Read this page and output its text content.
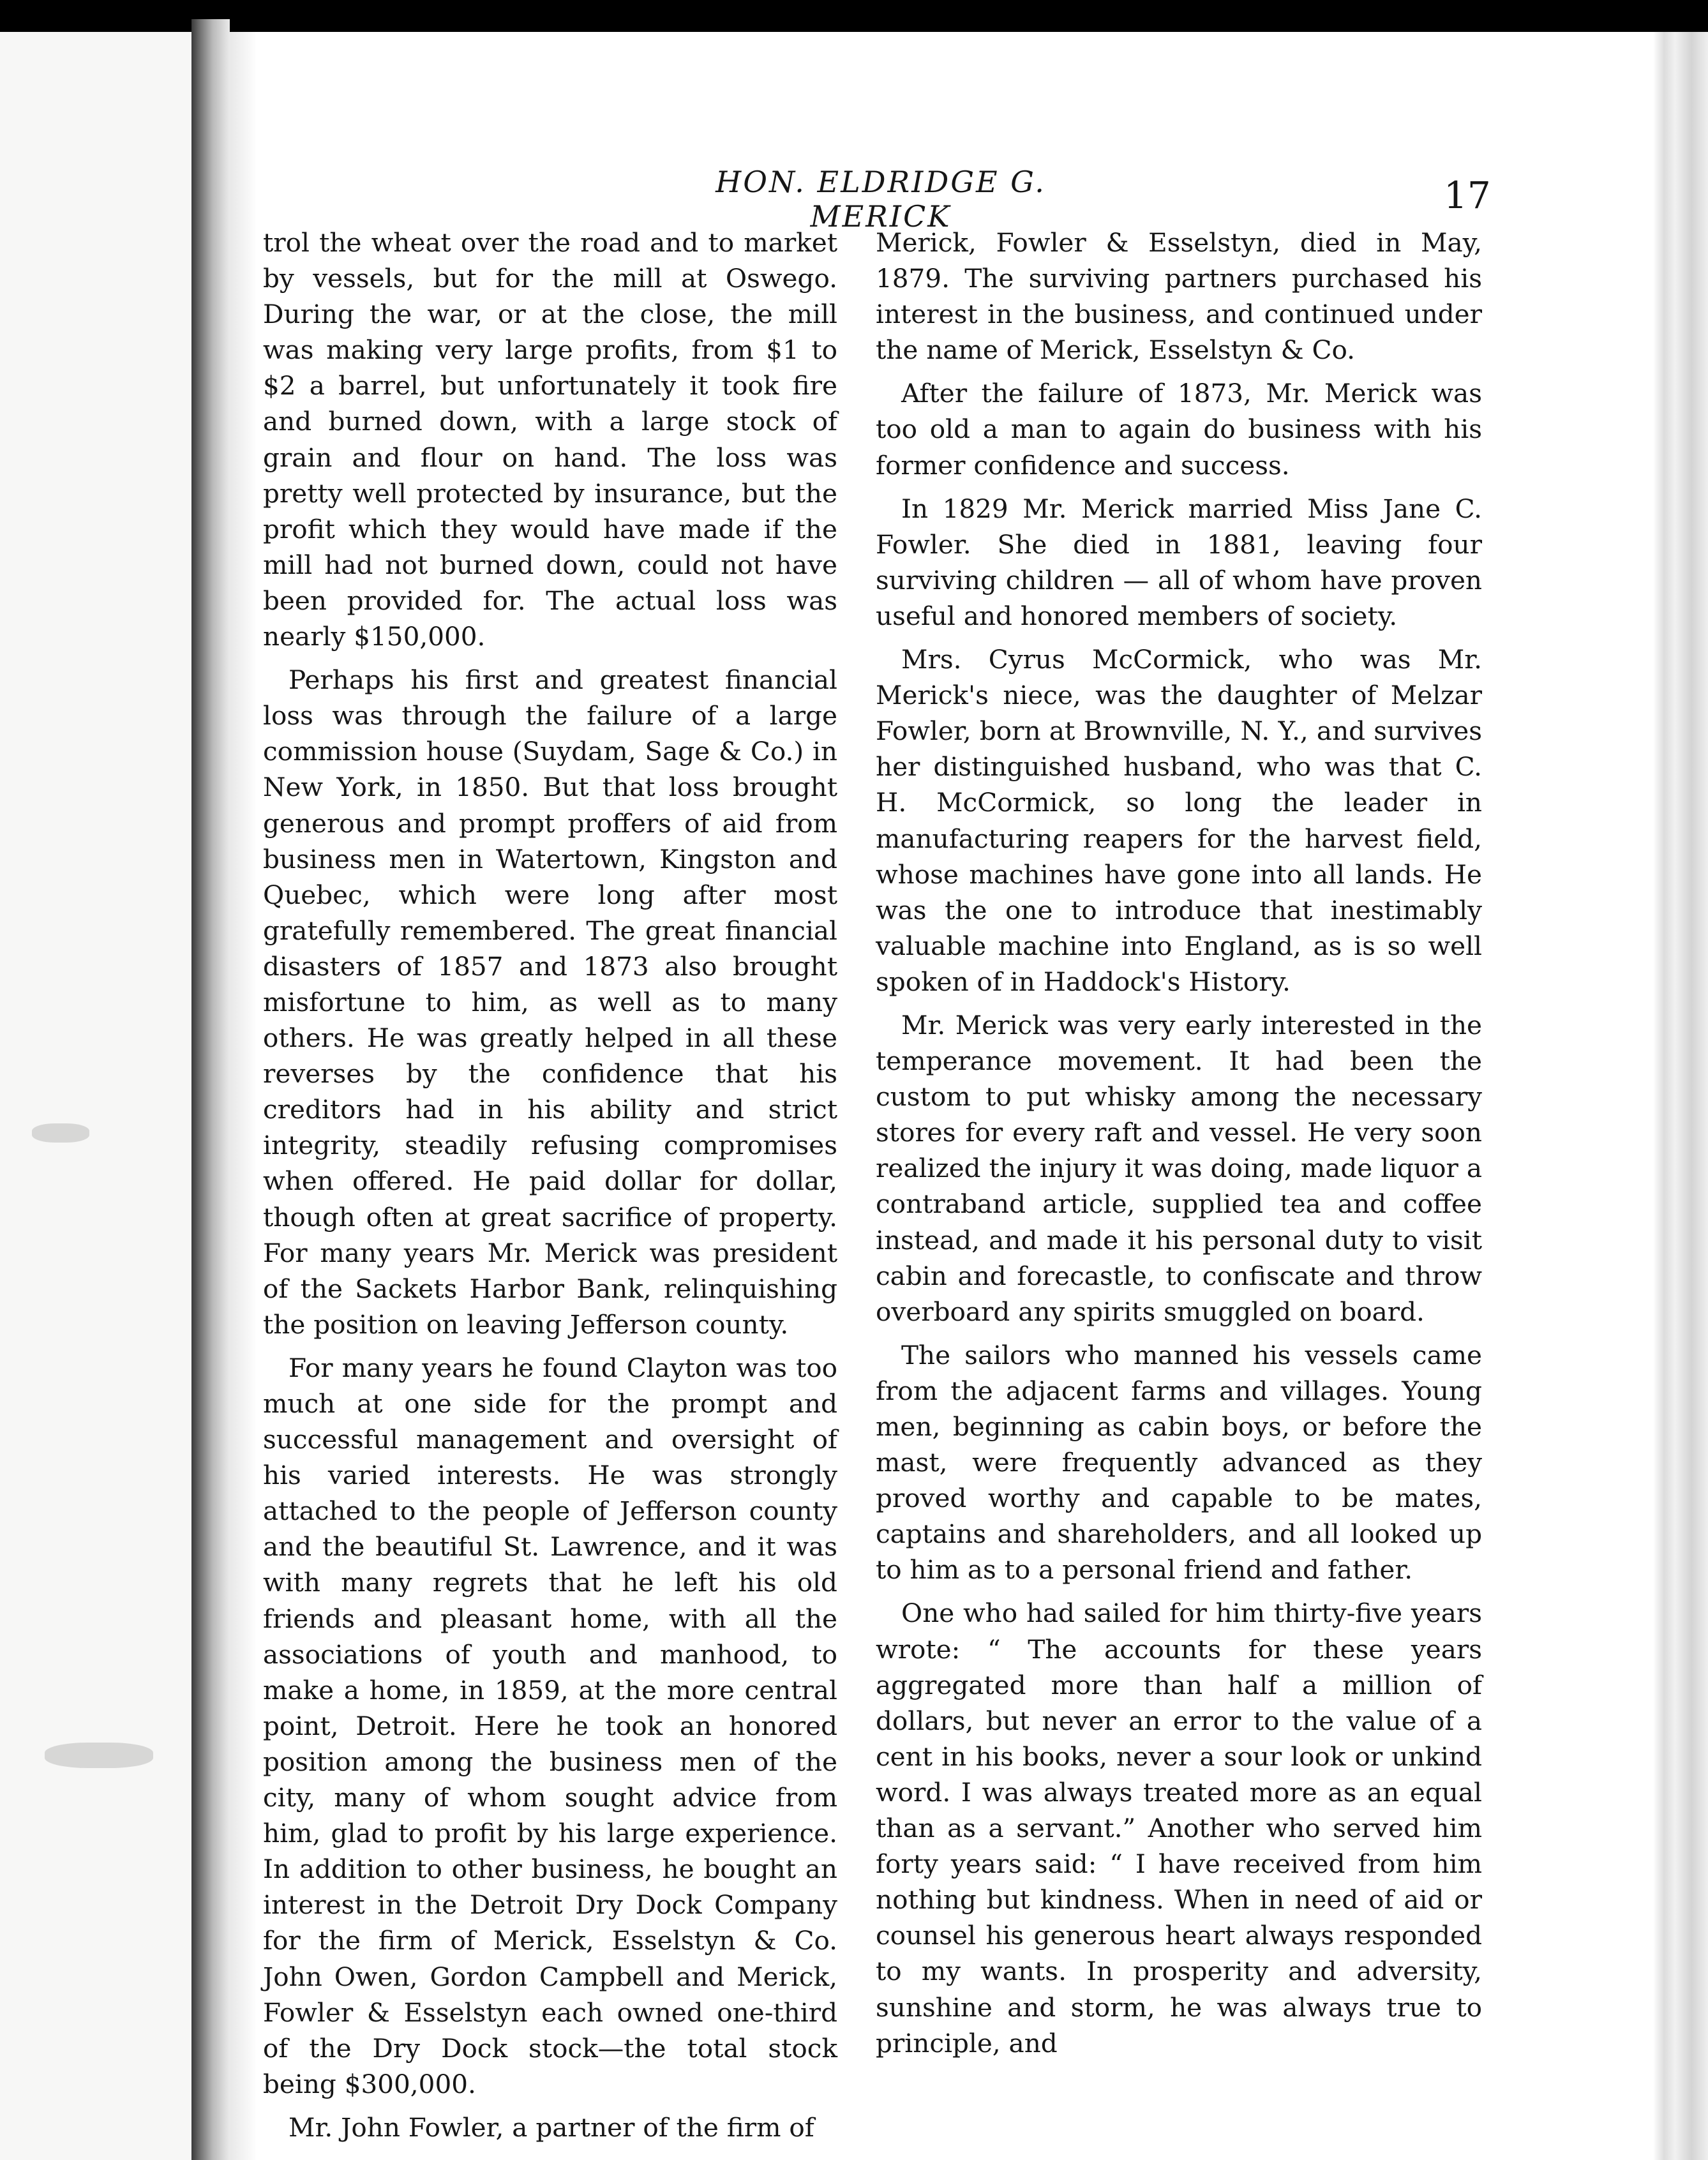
HON. ELDRIDGE G. MERICK	17

trol the wheat over the road and to market by vessels, but for the mill at Oswego. During the war, or at the close, the mill was making very large profits, from $1 to $2 a barrel, but unfortunately it took fire and burned down, with a large stock of grain and flour on hand. The loss was pretty well protected by insurance, but the profit which they would have made if the mill had not burned down, could not have been provided for. The actual loss was nearly $150,000.

Perhaps his first and greatest financial loss was through the failure of a large commission house (Suydam, Sage & Co.) in New York, in 1850. But that loss brought generous and prompt proffers of aid from business men in Watertown, Kingston and Quebec, which were long after most gratefully remembered. The great financial disasters of 1857 and 1873 also brought misfortune to him, as well as to many others. He was greatly helped in all these reverses by the confidence that his creditors had in his ability and strict integrity, steadily refusing compromises when offered. He paid dollar for dollar, though often at great sacrifice of property. For many years Mr. Merick was president of the Sackets Harbor Bank, relinquishing the position on leaving Jefferson county.

For many years he found Clayton was too much at one side for the prompt and successful management and oversight of his varied interests. He was strongly attached to the people of Jefferson county and the beautiful St. Lawrence, and it was with many regrets that he left his old friends and pleasant home, with all the associations of youth and manhood, to make a home, in 1859, at the more central point, Detroit. Here he took an honored position among the business men of the city, many of whom sought advice from him, glad to profit by his large experience. In addition to other business, he bought an interest in the Detroit Dry Dock Company for the firm of Merick, Esselstyn & Co. John Owen, Gordon Campbell and Merick, Fowler & Esselstyn each owned one-third of the Dry Dock stock—the total stock being $300,000.

Mr. John Fowler, a partner of the firm of

Merick, Fowler & Esselstyn, died in May, 1879. The surviving partners purchased his interest in the business, and continued under the name of Merick, Esselstyn & Co.

After the failure of 1873, Mr. Merick was too old a man to again do business with his former confidence and success.

In 1829 Mr. Merick married Miss Jane C. Fowler. She died in 1881, leaving four surviving children — all of whom have proven useful and honored members of society.

Mrs. Cyrus McCormick, who was Mr. Merick's niece, was the daughter of Melzar Fowler, born at Brownville, N. Y., and survives her distinguished husband, who was that C. H. McCormick, so long the leader in manufacturing reapers for the harvest field, whose machines have gone into all lands. He was the one to introduce that inestimably valuable machine into England, as is so well spoken of in Haddock's History.

Mr. Merick was very early interested in the temperance movement. It had been the custom to put whisky among the necessary stores for every raft and vessel. He very soon realized the injury it was doing, made liquor a contraband article, supplied tea and coffee instead, and made it his personal duty to visit cabin and forecastle, to confiscate and throw overboard any spirits smuggled on board.

The sailors who manned his vessels came from the adjacent farms and villages. Young men, beginning as cabin boys, or before the mast, were frequently advanced as they proved worthy and capable to be mates, captains and shareholders, and all looked up to him as to a personal friend and father.

One who had sailed for him thirty-five years wrote: “ The accounts for these years aggregated more than half a million of dollars, but never an error to the value of a cent in his books, never a sour look or unkind word. I was always treated more as an equal than as a servant.” Another who served him forty years said: “ I have received from him nothing but kindness. When in need of aid or counsel his generous heart always responded to my wants. In prosperity and adversity, sunshine and storm, he was always true to principle, and
